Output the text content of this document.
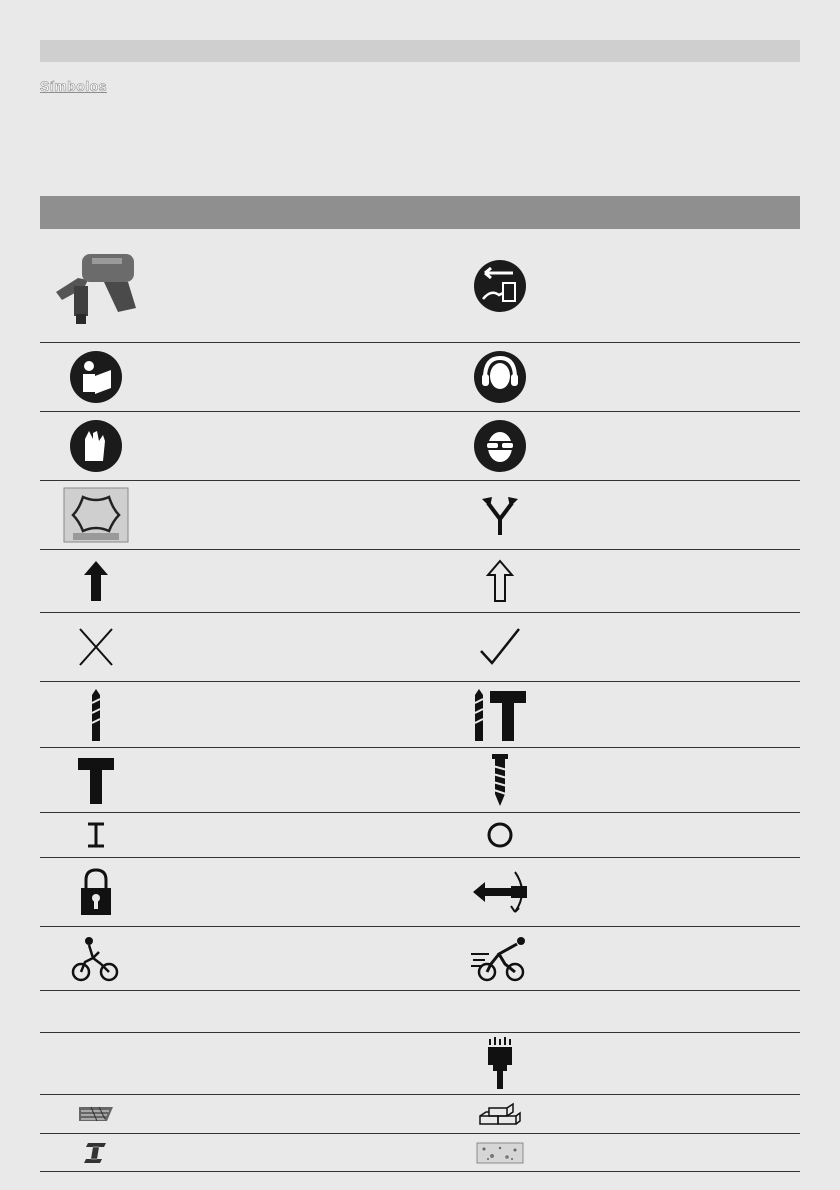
Símbolos
